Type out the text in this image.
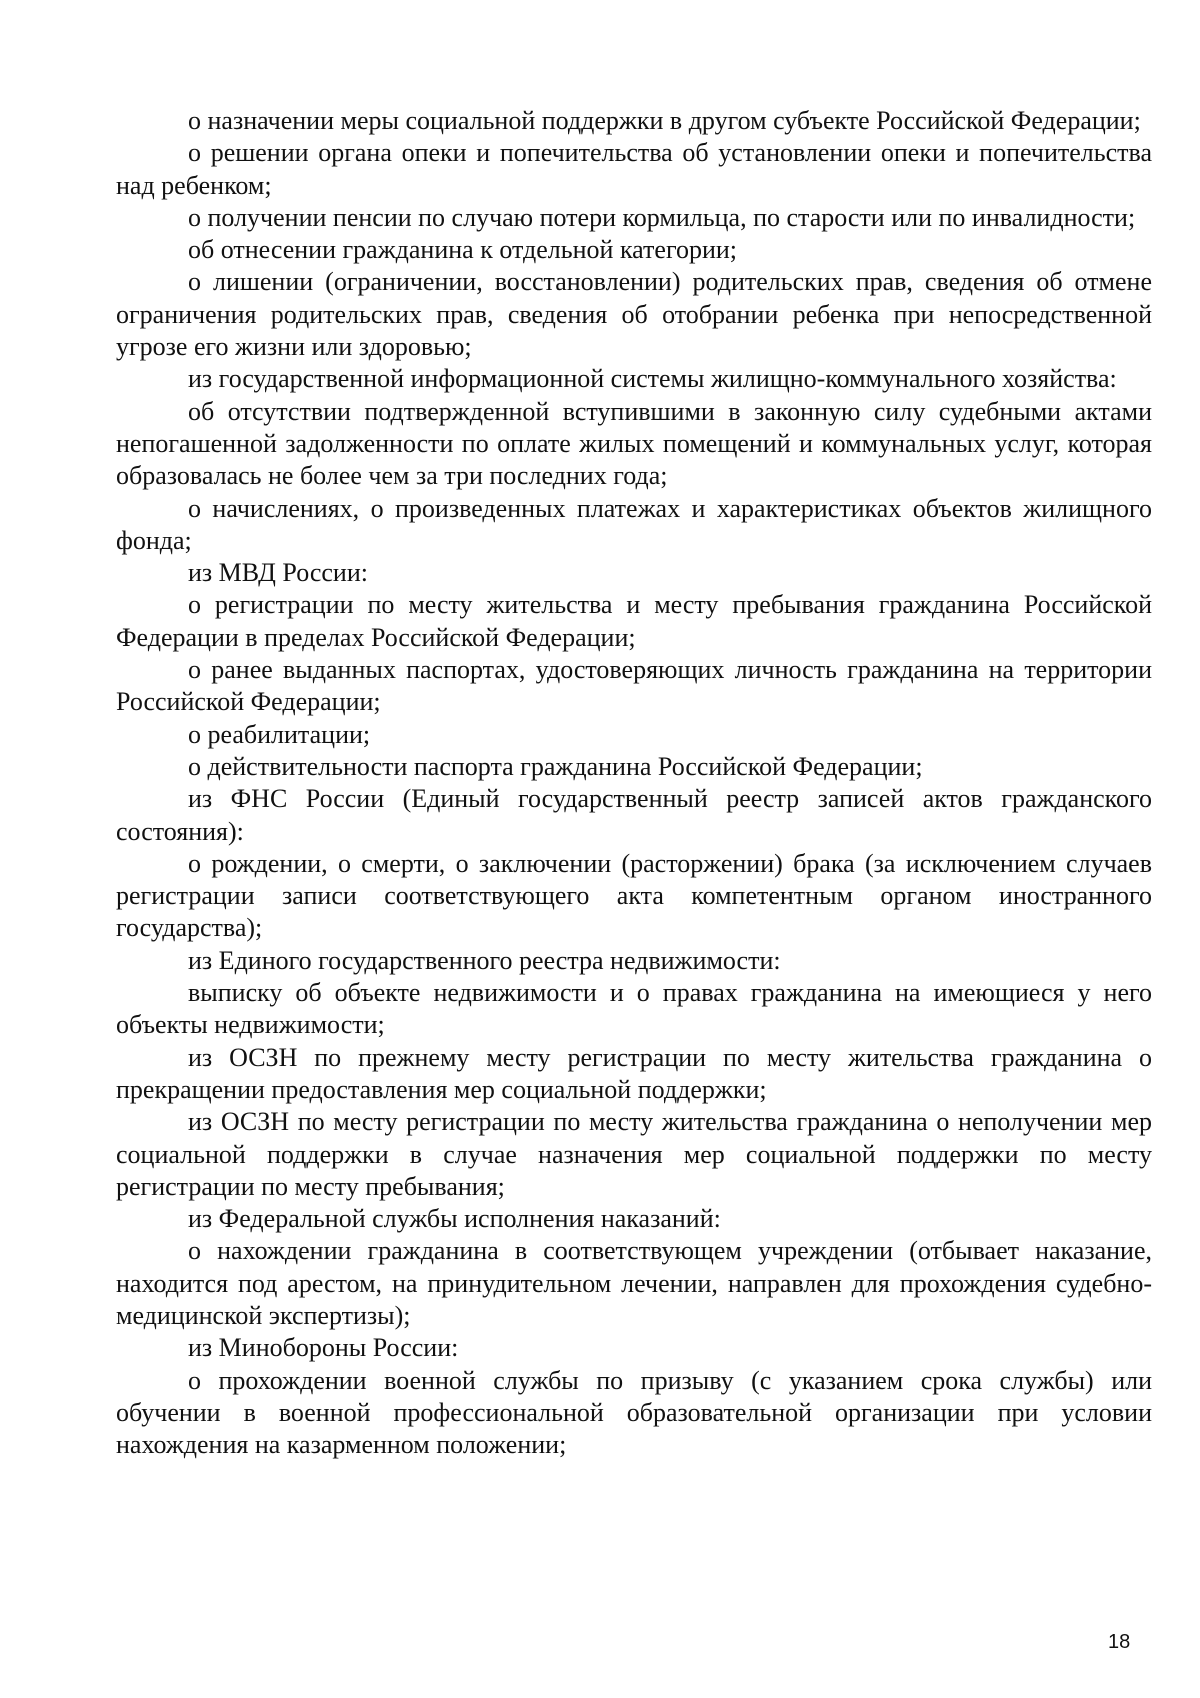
о назначении меры социальной поддержки в другом субъекте Российской Федерации;

о решении органа опеки и попечительства об установлении опеки и попечительства над ребенком;

о получении пенсии по случаю потери кормильца, по старости или по инвалидности;

об отнесении гражданина к отдельной категории;

о лишении (ограничении, восстановлении) родительских прав, сведения об отмене ограничения родительских прав, сведения об отобрании ребенка при непосредственной угрозе его жизни или здоровью;

из государственной информационной системы жилищно-коммунального хозяйства:

об отсутствии подтвержденной вступившими в законную силу судебными актами непогашенной задолженности по оплате жилых помещений и коммунальных услуг, которая образовалась не более чем за три последних года;

о начислениях, о произведенных платежах и характеристиках объектов жилищного фонда;

из МВД России:

о регистрации по месту жительства и месту пребывания гражданина Российской Федерации в пределах Российской Федерации;

о ранее выданных паспортах, удостоверяющих личность гражданина на территории Российской Федерации;

о реабилитации;

о действительности паспорта гражданина Российской Федерации;

из ФНС России (Единый государственный реестр записей актов гражданского состояния):

о рождении, о смерти, о заключении (расторжении) брака (за исключением случаев регистрации записи соответствующего акта компетентным органом иностранного государства);

из Единого государственного реестра недвижимости:

выписку об объекте недвижимости и о правах гражданина на имеющиеся у него объекты недвижимости;

из ОСЗН по прежнему месту регистрации по месту жительства гражданина о прекращении предоставления мер социальной поддержки;

из ОСЗН по месту регистрации по месту жительства гражданина о неполучении мер социальной поддержки в случае назначения мер социальной поддержки по месту регистрации по месту пребывания;

из Федеральной службы исполнения наказаний:

о нахождении гражданина в соответствующем учреждении (отбывает наказание, находится под арестом, на принудительном лечении, направлен для прохождения судебно-медицинской экспертизы);

из Минобороны России:

о прохождении военной службы по призыву (с указанием срока службы) или обучении в военной профессиональной образовательной организации при условии нахождения на казарменном положении;

18
